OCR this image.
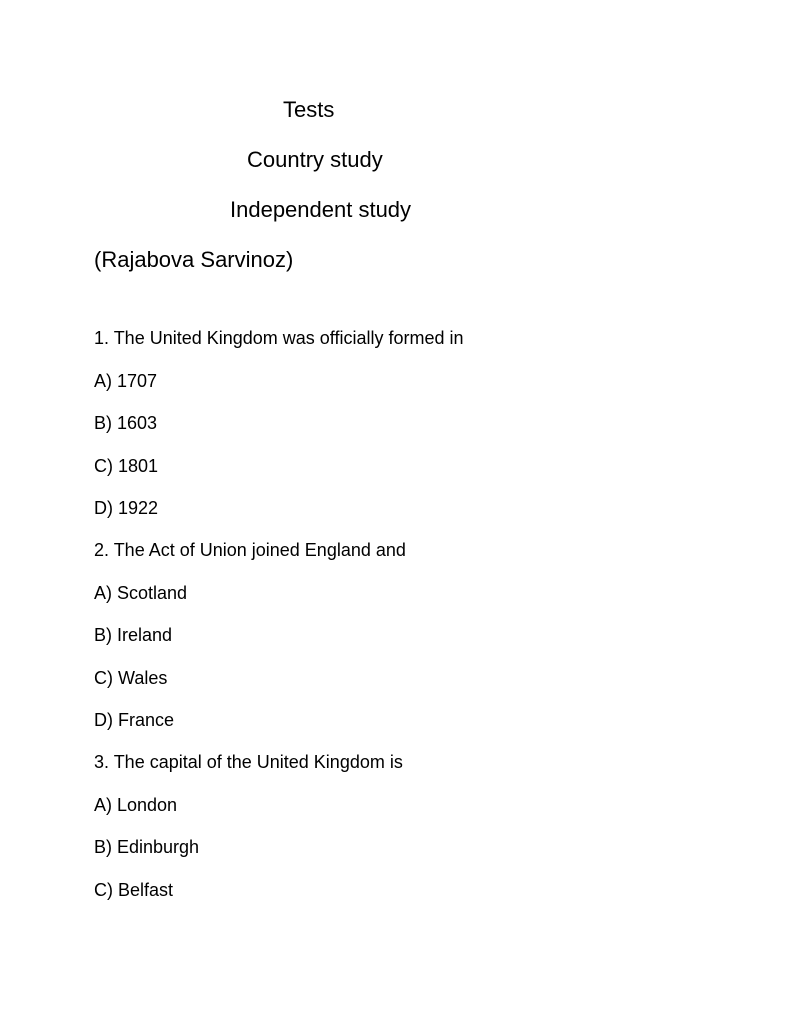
Tests
Country study
Independent study
(Rajabova Sarvinoz)
1. The United Kingdom was officially formed in
A) 1707
B) 1603
C) 1801
D) 1922
2. The Act of Union joined England and
A) Scotland
B) Ireland
C) Wales
D) France
3. The capital of the United Kingdom is
A) London
B) Edinburgh
C) Belfast
